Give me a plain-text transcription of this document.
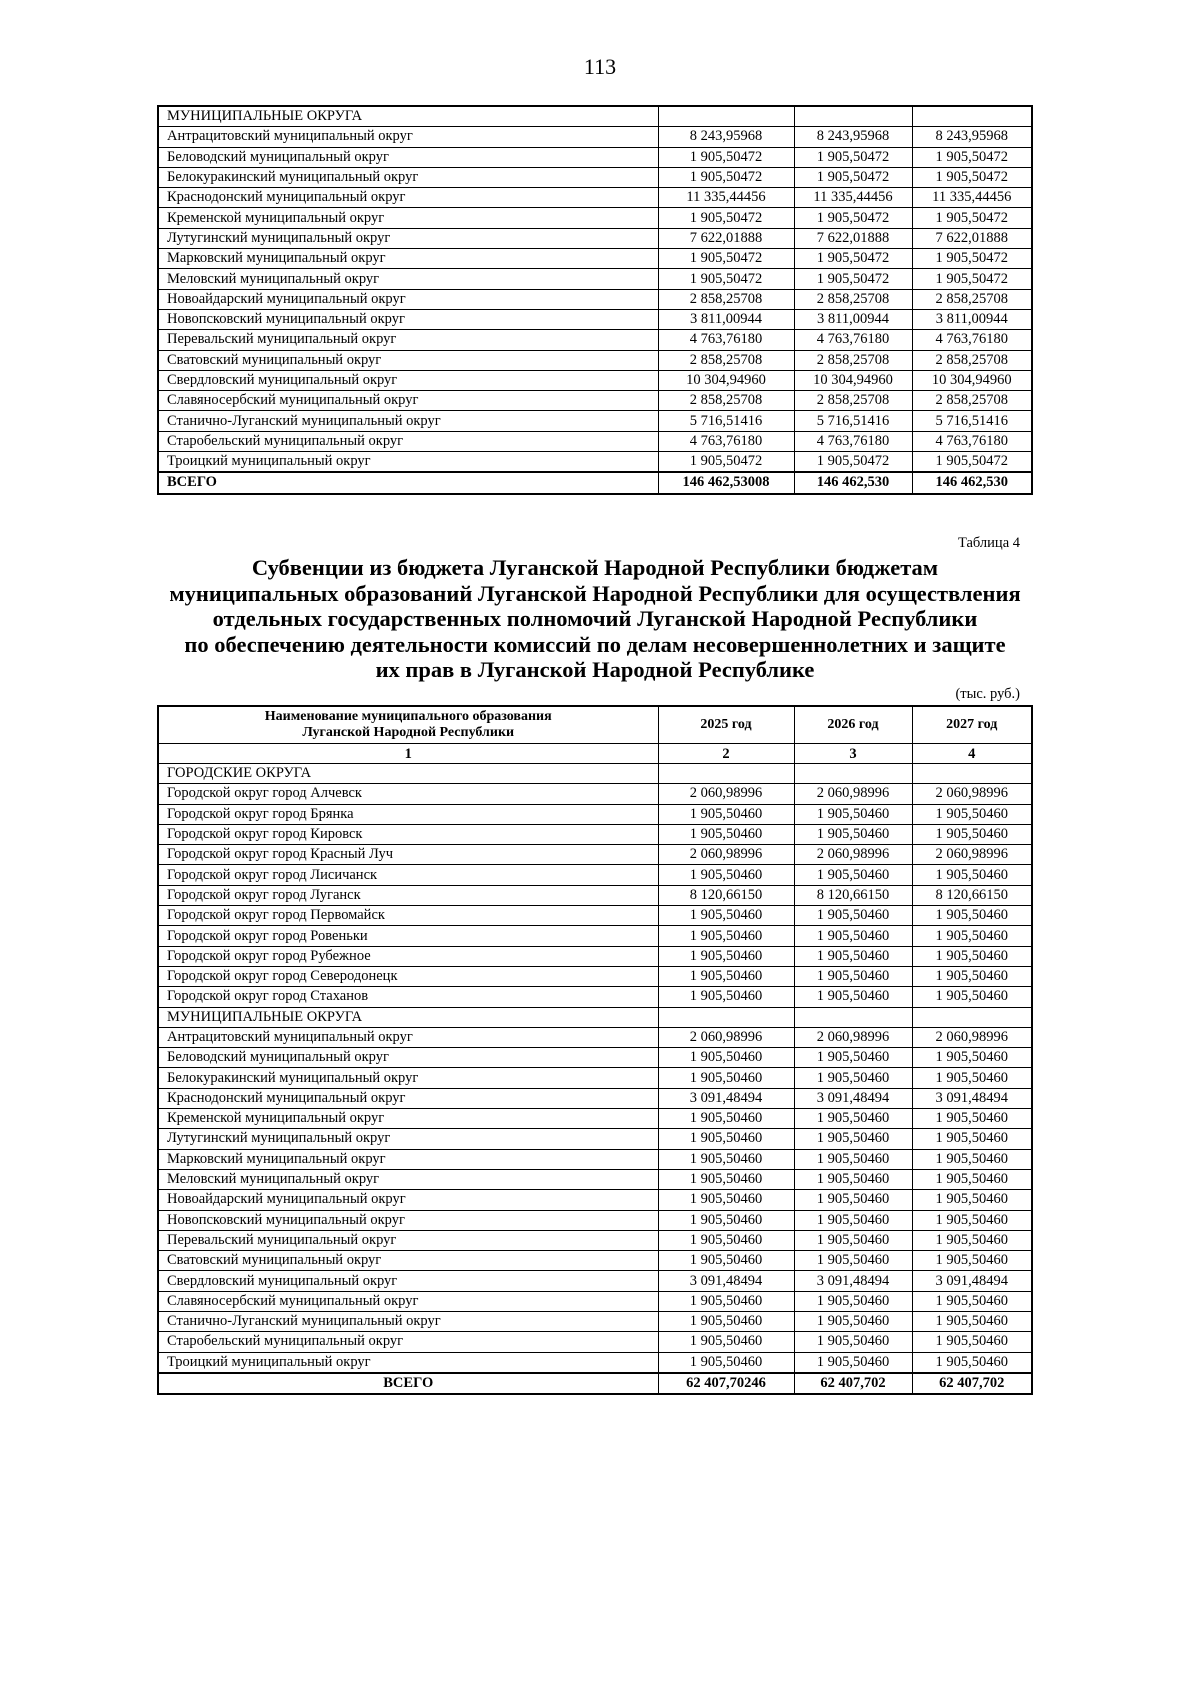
113
МУНИЦИПАЛЬНЫЕ ОКРУГА			
Антрацитовский муниципальный округ	8 243,95968	8 243,95968	8 243,95968
Беловодский муниципальный округ	1 905,50472	1 905,50472	1 905,50472
Белокуракинский муниципальный округ	1 905,50472	1 905,50472	1 905,50472
Краснодонский муниципальный округ	11 335,44456	11 335,44456	11 335,44456
Кременской муниципальный округ	1 905,50472	1 905,50472	1 905,50472
Лутугинский муниципальный округ	7 622,01888	7 622,01888	7 622,01888
Марковский муниципальный округ	1 905,50472	1 905,50472	1 905,50472
Меловский муниципальный округ	1 905,50472	1 905,50472	1 905,50472
Новоайдарский муниципальный округ	2 858,25708	2 858,25708	2 858,25708
Новопсковский муниципальный округ	3 811,00944	3 811,00944	3 811,00944
Перевальский муниципальный округ	4 763,76180	4 763,76180	4 763,76180
Сватовский муниципальный округ	2 858,25708	2 858,25708	2 858,25708
Свердловский муниципальный округ	10 304,94960	10 304,94960	10 304,94960
Славяносербский муниципальный округ	2 858,25708	2 858,25708	2 858,25708
Станично-Луганский муниципальный округ	5 716,51416	5 716,51416	5 716,51416
Старобельский муниципальный округ	4 763,76180	4 763,76180	4 763,76180
Троицкий муниципальный округ	1 905,50472	1 905,50472	1 905,50472
ВСЕГО	146 462,53008	146 462,530	146 462,530
Таблица 4
Субвенции из бюджета Луганской Народной Республики бюджетам
муниципальных образований Луганской Народной Республики для осуществления
отдельных государственных полномочий Луганской Народной Республики
по обеспечению деятельности комиссий по делам несовершеннолетних и защите
их прав в Луганской Народной Республике
(тыс. руб.)
Наименование муниципального образования Луганской Народной Республики	2025 год	2026 год	2027 год
1	2	3	4
ГОРОДСКИЕ ОКРУГА			
Городской округ город Алчевск	2 060,98996	2 060,98996	2 060,98996
Городской округ город Брянка	1 905,50460	1 905,50460	1 905,50460
Городской округ город Кировск	1 905,50460	1 905,50460	1 905,50460
Городской округ город Красный Луч	2 060,98996	2 060,98996	2 060,98996
Городской округ город Лисичанск	1 905,50460	1 905,50460	1 905,50460
Городской округ город Луганск	8 120,66150	8 120,66150	8 120,66150
Городской округ город Первомайск	1 905,50460	1 905,50460	1 905,50460
Городской округ город Ровеньки	1 905,50460	1 905,50460	1 905,50460
Городской округ город Рубежное	1 905,50460	1 905,50460	1 905,50460
Городской округ город Северодонецк	1 905,50460	1 905,50460	1 905,50460
Городской округ город Стаханов	1 905,50460	1 905,50460	1 905,50460
МУНИЦИПАЛЬНЫЕ ОКРУГА			
Антрацитовский муниципальный округ	2 060,98996	2 060,98996	2 060,98996
Беловодский муниципальный округ	1 905,50460	1 905,50460	1 905,50460
Белокуракинский муниципальный округ	1 905,50460	1 905,50460	1 905,50460
Краснодонский муниципальный округ	3 091,48494	3 091,48494	3 091,48494
Кременской муниципальный округ	1 905,50460	1 905,50460	1 905,50460
Лутугинский муниципальный округ	1 905,50460	1 905,50460	1 905,50460
Марковский муниципальный округ	1 905,50460	1 905,50460	1 905,50460
Меловский муниципальный округ	1 905,50460	1 905,50460	1 905,50460
Новоайдарский муниципальный округ	1 905,50460	1 905,50460	1 905,50460
Новопсковский муниципальный округ	1 905,50460	1 905,50460	1 905,50460
Перевальский муниципальный округ	1 905,50460	1 905,50460	1 905,50460
Сватовский муниципальный округ	1 905,50460	1 905,50460	1 905,50460
Свердловский муниципальный округ	3 091,48494	3 091,48494	3 091,48494
Славяносербский муниципальный округ	1 905,50460	1 905,50460	1 905,50460
Станично-Луганский муниципальный округ	1 905,50460	1 905,50460	1 905,50460
Старобельский муниципальный округ	1 905,50460	1 905,50460	1 905,50460
Троицкий муниципальный округ	1 905,50460	1 905,50460	1 905,50460
ВСЕГО	62 407,70246	62 407,702	62 407,702
